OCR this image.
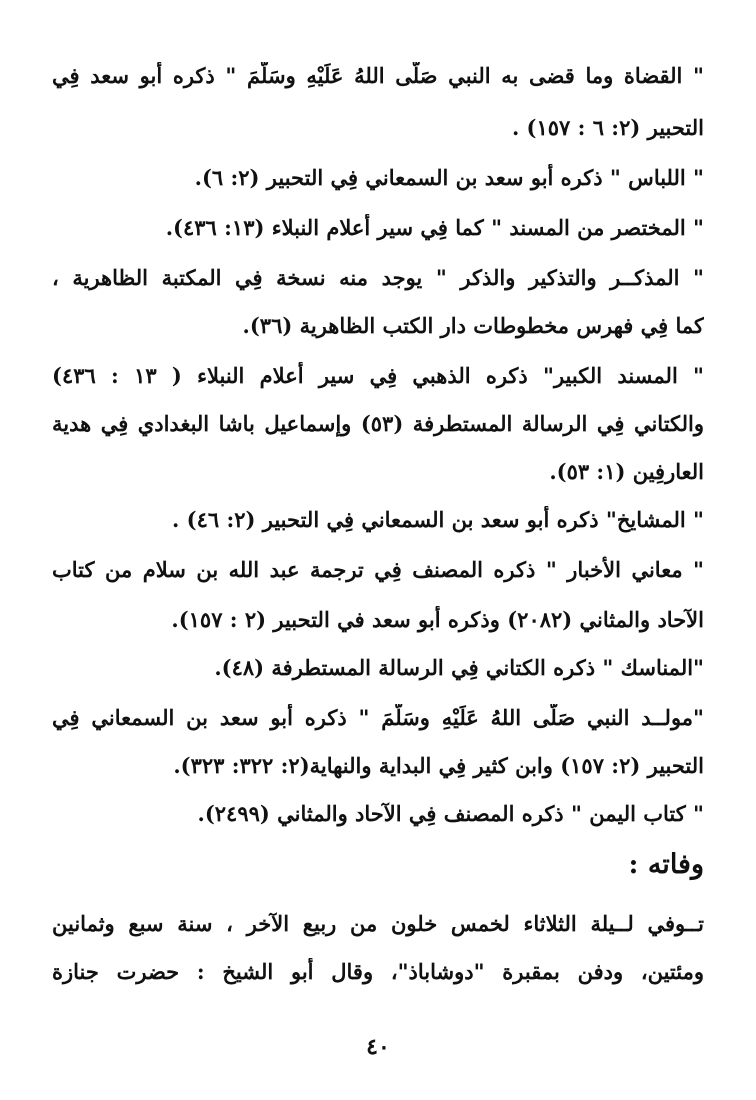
" القضاة وما قضى به النبي صَلّى اللهُ عَلَيْهِ وسَلَّمَ " ذكره أبو سعد فِي
التحبير (٢: ٦ : ١٥٧) .
" اللباس " ذكره أبو سعد بن السمعاني فِي التحبير (٢: ٦).
" المختصر من المسند " كما فِي سير أعلام النبلاء (١٣: ٤٣٦).
" المذكــر والتذكير والذكر " يوجد منه نسخة فِي المكتبة الظاهرية ،
كما فِي فهرس مخطوطات دار الكتب الظاهرية (٣٦).
" المسند الكبير" ذكره الذهبي فِي سير أعلام النبلاء ( ١٣ : ٤٣٦)
والكتاني فِي الرسالة المستطرفة (٥٣) وإسماعيل باشا البغدادي فِي هدية
العارفِين (١: ٥٣).
" المشايخ" ذكره أبو سعد بن السمعاني فِي التحبير (٢: ٤٦) .
" معاني الأخبار " ذكره المصنف فِي ترجمة عبد الله بن سلام من كتاب
الآحاد والمثاني (٢٠٨٢) وذكره أبو سعد في التحبير (٢ : ١٥٧).
"المناسك " ذكره الكتاني فِي الرسالة المستطرفة (٤٨).
"مولــد النبي صَلّى اللهُ عَلَيْهِ وسَلَّمَ " ذكره أبو سعد بن السمعاني فِي
التحبير (٢: ١٥٧) وابن كثير فِي البداية والنهاية(٢: ٣٢٢: ٣٢٣).
" كتاب اليمن " ذكره المصنف فِي الآحاد والمثاني (٢٤٩٩).
وفاته :
تــوفي لــيلة الثلاثاء لخمس خلون من ربيع الآخر ، سنة سبع وثمانين
ومئتين، ودفن بمقبرة "دوشاباذ"، وقال أبو الشيخ : حضرت جنازة
٤٠
